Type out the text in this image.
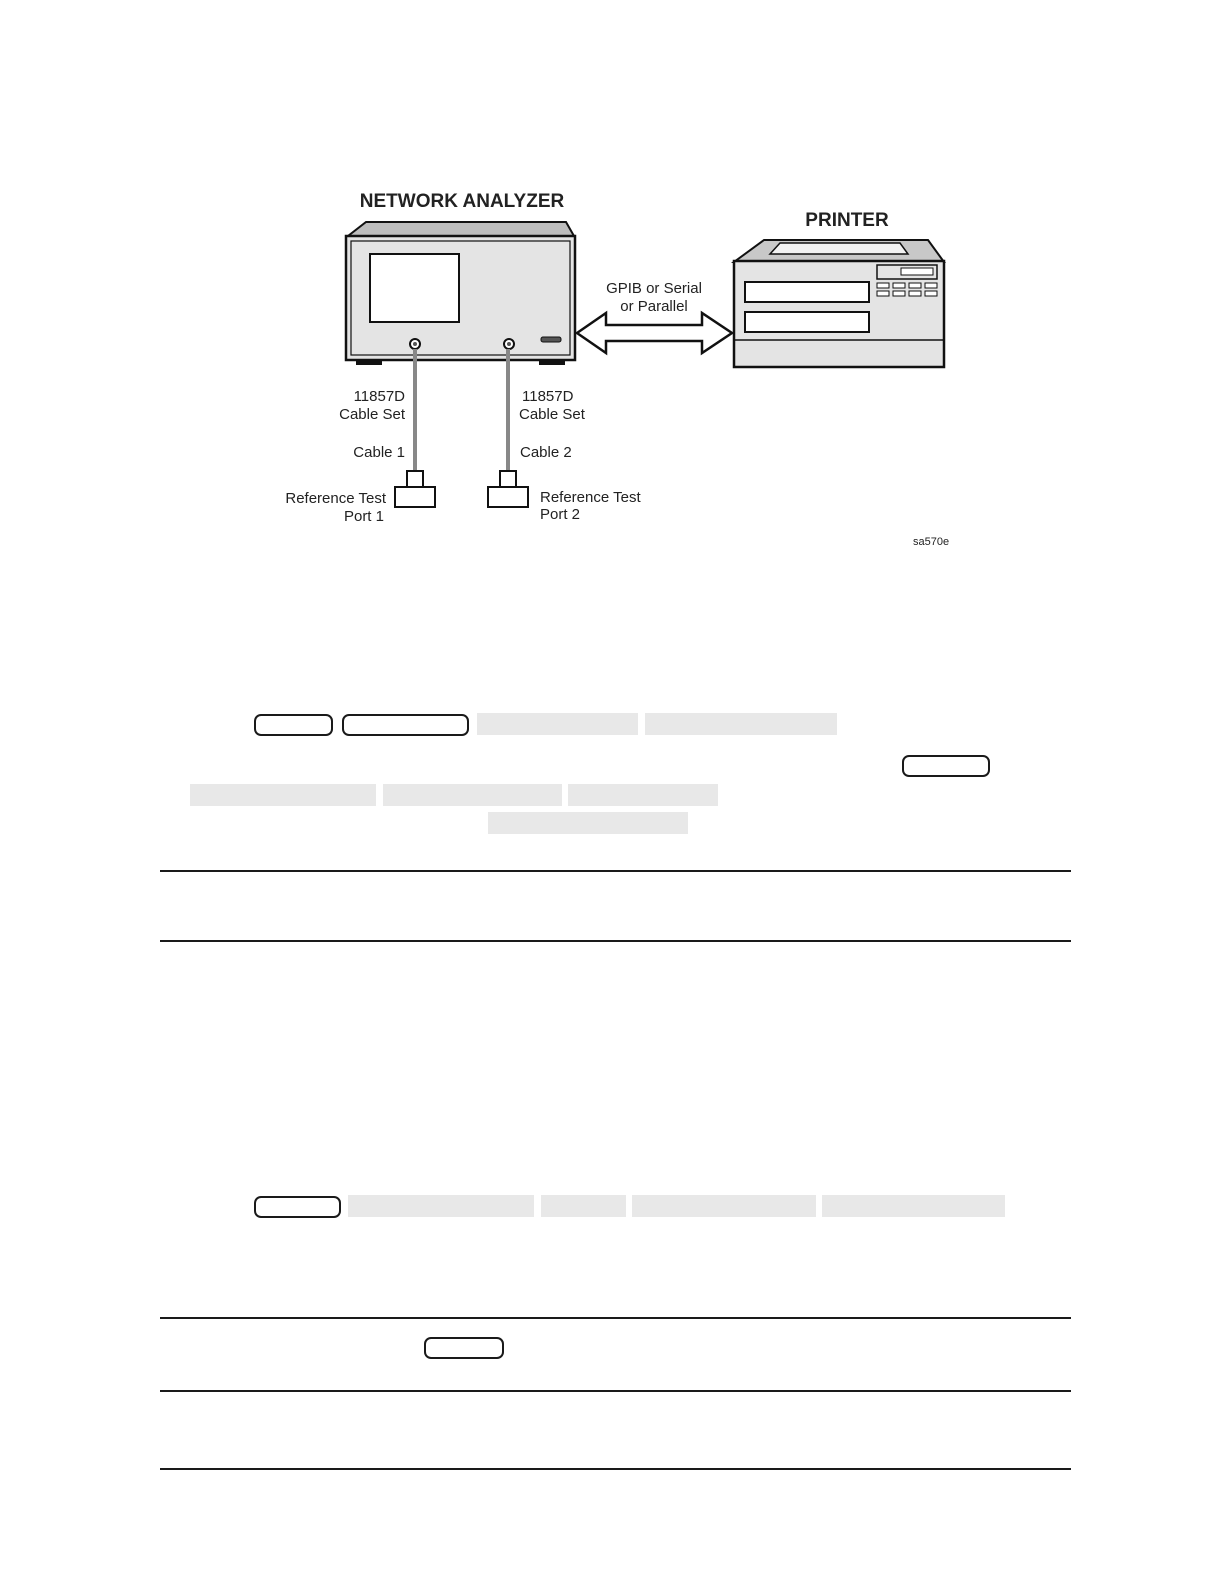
NETWORK ANALYZER
PRINTER
GPIB or Serial
or Parallel
11857D
Cable Set
11857D
Cable Set
Cable 1	Cable 2
Reference Test
Port 1
Reference Test
Port 2
sa570e
